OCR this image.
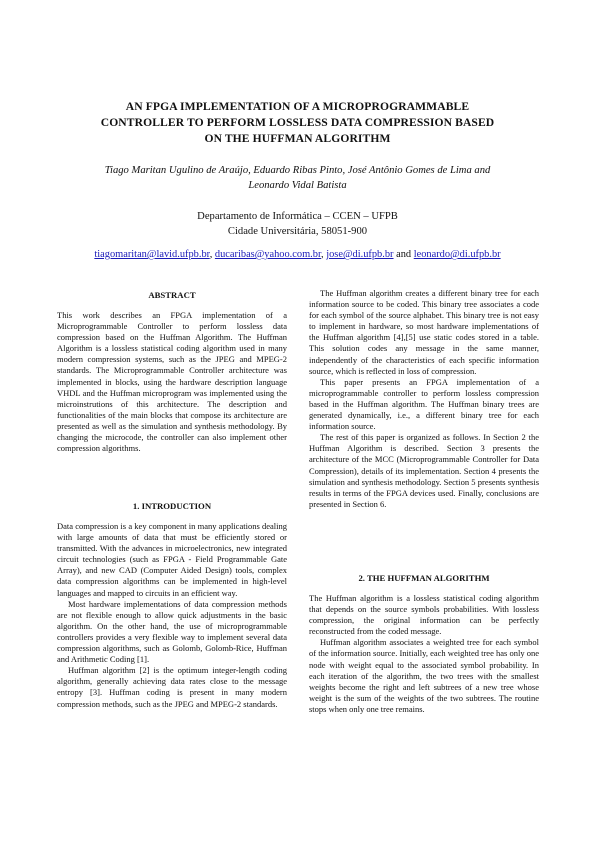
AN FPGA IMPLEMENTATION OF A MICROPROGRAMMABLE
CONTROLLER TO PERFORM LOSSLESS DATA COMPRESSION BASED
ON THE HUFFMAN ALGORITHM
Tiago Maritan Ugulino de Araújo, Eduardo Ribas Pinto, José Antônio Gomes de Lima and
Leonardo Vidal Batista
Departamento de Informática – CCEN – UFPB
Cidade Universitária, 58051-900
tiagomaritan@lavid.ufpb.br, ducaribas@yahoo.com.br, jose@di.ufpb.br and leonardo@di.ufpb.br
ABSTRACT

This work describes an FPGA implementation of a Microprogrammable Controller to perform lossless data compression based on the Huffman Algorithm. The Huffman Algorithm is a lossless statistical coding algorithm used in many modern compression systems, such as the JPEG and MPEG-2 standards. The Microprogrammable Controller architecture was implemented in blocks, using the hardware description language VHDL and the Huffman microprogram was implemented using the microinstrutions of this architecture. The description and functionalities of the main blocks that compose its architecture are presented as well as the simulation and synthesis methodology. By changing the microcode, the controller can also implement other compression algorithms.

1. INTRODUCTION

Data compression is a key component in many applications dealing with large amounts of data that must be efficiently stored or transmitted. With the advances in microelectronics, new integrated circuit technologies (such as FPGA - Field Programmable Gate Array), and new CAD (Computer Aided Design) tools, complex data compression algorithms can be implemented in high-level languages and mapped to circuits in an efficient way.

Most hardware implementations of data compression methods are not flexible enough to allow quick adjustments in the basic algorithm. On the other hand, the use of microprogrammable controllers provides a very flexible way to implement several data compression algorithms, such as Golomb, Golomb-Rice, Huffman and Arithmetic Coding [1].

Huffman algorithm [2] is the optimum integer-length coding algorithm, generally achieving data rates close to the message entropy [3]. Huffman coding is present in many modern compression methods, such as the JPEG and MPEG-2 standards.

The Huffman algorithm creates a different binary tree for each information source to be coded. This binary tree associates a code for each symbol of the source alphabet. This binary tree is not easy to implement in hardware, so most hardware implementations of the Huffman algorithm [4],[5] use static codes stored in a table. This solution codes any message in the same manner, independently of the characteristics of each specific information source, which is reflected in loss of compression.

This paper presents an FPGA implementation of a microprogrammable controller to perform lossless compression based in the Huffman algorithm. The Huffman binary trees are generated dynamically, i.e., a different binary tree for each information source.

The rest of this paper is organized as follows. In Section 2 the Huffman Algorithm is described. Section 3 presents the architecture of the MCC (Microprogrammable Controller for Data Compression), details of its implementation. Section 4 presents the simulation and synthesis methodology. Section 5 presents synthesis results in terms of the FPGA devices used. Finally, conclusions are presented in Section 6.

2. THE HUFFMAN ALGORITHM

The Huffman algorithm is a lossless statistical coding algorithm that depends on the source symbols probabilities. With lossless compression, the original information can be perfectly reconstructed from the coded message.

Huffman algorithm associates a weighted tree for each symbol of the information source. Initially, each weighted tree has only one node with weight equal to the associated symbol probability. In each iteration of the algorithm, the two trees with the smallest weights become the right and left subtrees of a new tree whose weight is the sum of the weights of the two subtrees. The routine stops when only one tree remains.
